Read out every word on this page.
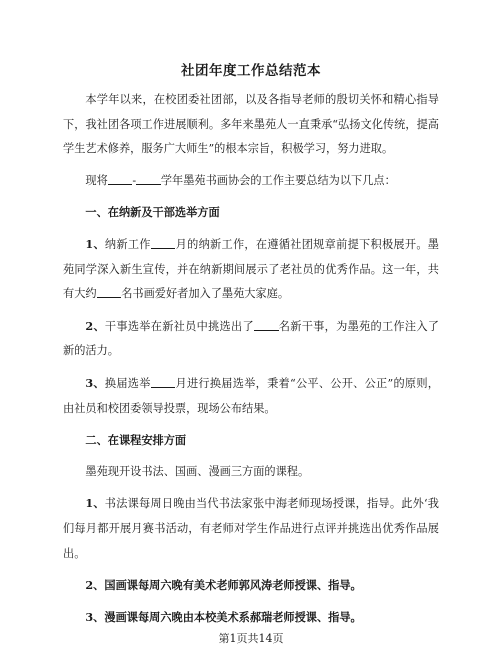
社团年度工作总结范本

本学年以来，在校团委社团部，以及各指导老师的殷切关怀和精心指导下，我社团各项工作进展顺利。多年来墨苑人一直秉承“弘扬文化传统，提高学生艺术修养，服务广大师生”的根本宗旨，积极学习，努力进取。

现将 - 学年墨苑书画协会的工作主要总结为以下几点：

一、在纳新及干部选举方面

1、纳新工作 月的纳新工作，在遵循社团规章前提下积极展开。墨苑同学深入新生宣传，并在纳新期间展示了老社员的优秀作品。这一年，共有大约 名书画爱好者加入了墨苑大家庭。

2、干事选举在新社员中挑选出了 名新干事，为墨苑的工作注入了新的活力。

3、换届选举 月进行换届选举，秉着“公平、公开、公正”的原则，由社员和校团委领导投票，现场公布结果。

二、在课程安排方面

墨苑现开设书法、国画、漫画三方面的课程。

1、书法课每周日晚由当代书法家张中海老师现场授课，指导。此外‘我们每月都开展月赛书活动，有老师对学生作品进行点评并挑选出优秀作品展出。

2、国画课每周六晚有美术老师郭风涛老师授课、指导。

3、漫画课每周六晚由本校美术系郝瑞老师授课、指导。

第1页共14页
